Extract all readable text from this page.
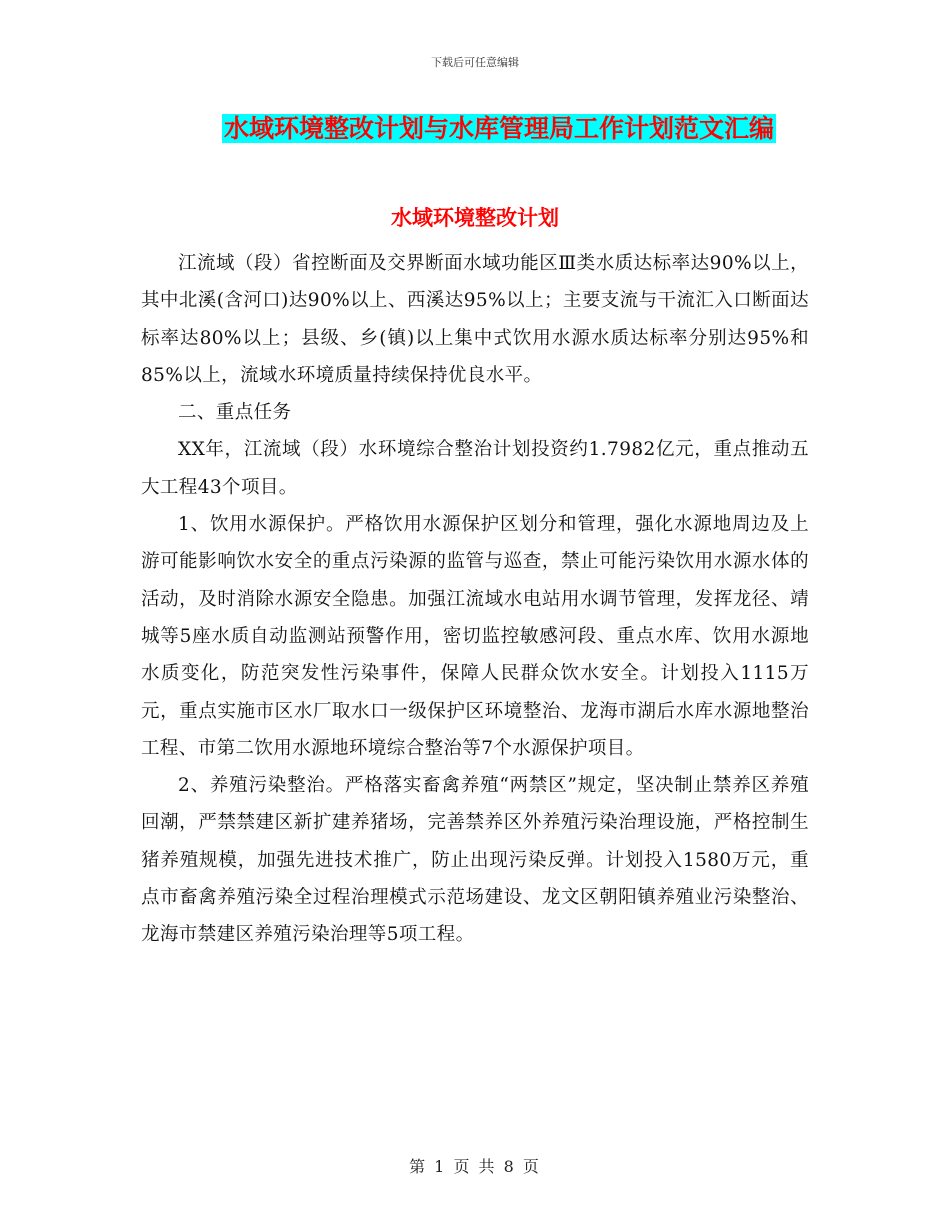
下载后可任意编辑
水域环境整改计划与水库管理局工作计划范文汇编
水域环境整改计划

江流域（段）省控断面及交界断面水域功能区Ⅲ类水质达标率达90%以上，其中北溪(含河口)达90%以上、西溪达95%以上；主要支流与干流汇入口断面达标率达80%以上；县级、乡(镇)以上集中式饮用水源水质达标率分别达95%和85%以上，流域水环境质量持续保持优良水平。

二、重点任务

XX年，江流域（段）水环境综合整治计划投资约1.7982亿元，重点推动五大工程43个项目。

1、饮用水源保护。严格饮用水源保护区划分和管理，强化水源地周边及上游可能影响饮水安全的重点污染源的监管与巡查，禁止可能污染饮用水源水体的活动，及时消除水源安全隐患。加强江流域水电站用水调节管理，发挥龙径、靖城等5座水质自动监测站预警作用，密切监控敏感河段、重点水库、饮用水源地水质变化，防范突发性污染事件，保障人民群众饮水安全。计划投入1115万元，重点实施市区水厂取水口一级保护区环境整治、龙海市湖后水库水源地整治工程、市第二饮用水源地环境综合整治等7个水源保护项目。

2、养殖污染整治。严格落实畜禽养殖“两禁区”规定，坚决制止禁养区养殖回潮，严禁禁建区新扩建养猪场，完善禁养区外养殖污染治理设施，严格控制生猪养殖规模，加强先进技术推广，防止出现污染反弹。计划投入1580万元，重点市畜禽养殖污染全过程治理模式示范场建设、龙文区朝阳镇养殖业污染整治、龙海市禁建区养殖污染治理等5项工程。

第 1 页 共 8 页
